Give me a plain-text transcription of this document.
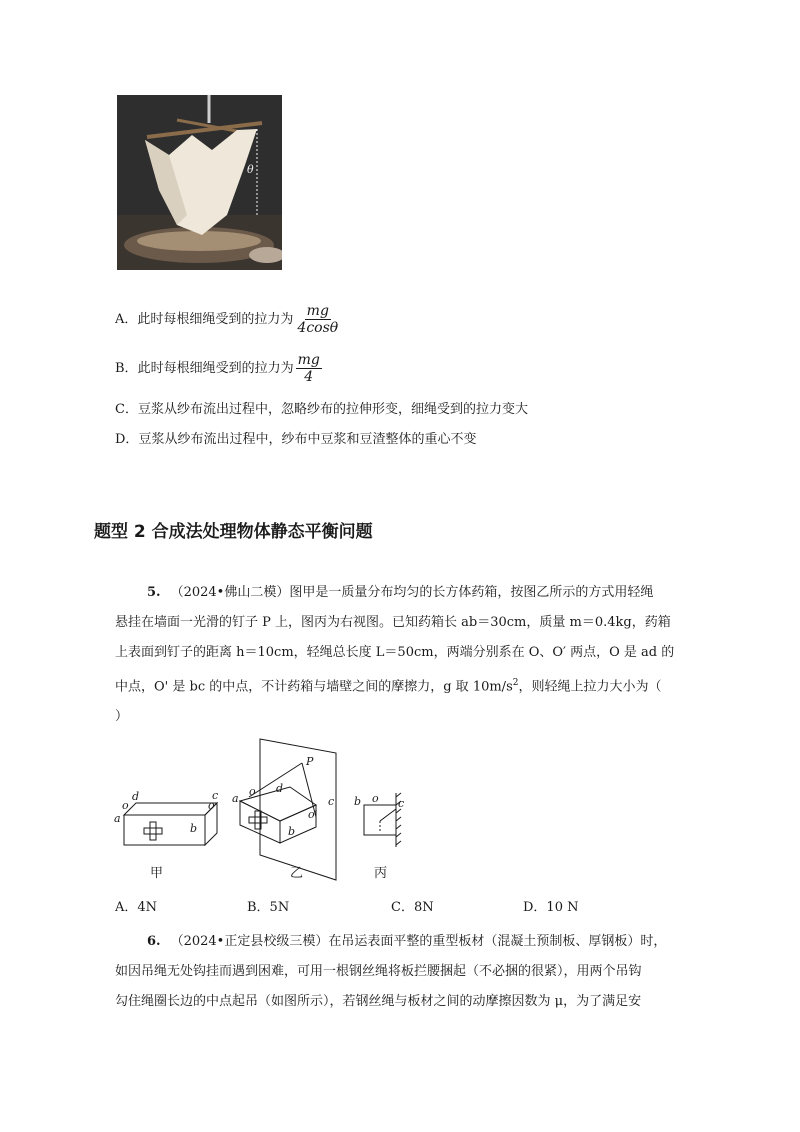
θ
A．此时每根细绳受到的拉力为 $\frac{mg}{4\cos\theta}$
B．此时每根细绳受到的拉力为 $\frac{mg}{4}$
C．豆浆从纱布流出过程中，忽略纱布的拉伸形变，细绳受到的拉力变大
D．豆浆从纱布流出过程中，纱布中豆浆和豆渣整体的重心不变
题型 2 合成法处理物体静态平衡问题
5. （2024•佛山二模）图甲是一质量分布均匀的长方体药箱，按图乙所示的方式用轻绳
悬挂在墙面一光滑的钉子 P 上，图丙为右视图。已知药箱长 ab＝30cm，质量 m＝0.4kg，药箱
上表面到钉子的距离 h＝10cm，轻绳总长度 L＝50cm，两端分别系在 O、O′ 两点，O 是 ad 的
中点，O' 是 bc 的中点，不计药箱与墙壁之间的摩擦力，g 取 $10m/s^2$，则轻绳上拉力大小为（
）
a
o
d
b
o
c
甲
P
a
o d
b
o′
c
乙
b o c
丙
A．4N	B．5N	C．8N	D．10 N
6. （2024•正定县校级三模）在吊运表面平整的重型板材（混凝土预制板、厚钢板）时，
如因吊绳无处钩挂而遇到困难，可用一根钢丝绳将板拦腰捆起（不必捆的很紧），用两个吊钩
勾住绳圈长边的中点起吊（如图所示），若钢丝绳与板材之间的动摩擦因数为 μ，为了满足安
